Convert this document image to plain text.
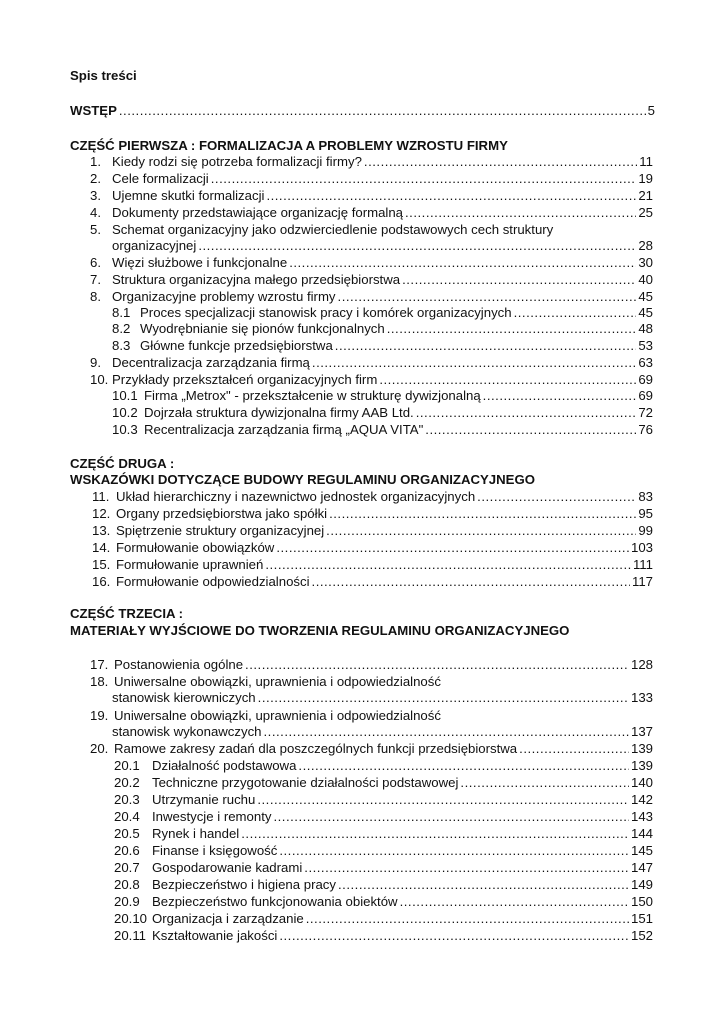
Spis treści
WSTĘP .....	5
CZĘŚĆ PIERWSZA : FORMALIZACJA A PROBLEMY WZROSTU FIRMY
1. Kiedy rodzi się potrzeba formalizacji firmy? .....	11
2. Cele formalizacji .....	19
3. Ujemne skutki formalizacji .....	21
4. Dokumenty przedstawiające organizację formalną .....	25
5. Schemat organizacyjny jako odzwierciedlenie podstawowych cech struktury
organizacyjnej .....	28
6. Więzi służbowe i funkcjonalne .....	30
7. Struktura organizacyjna małego przedsiębiorstwa .....	40
8. Organizacyjne problemy wzrostu firmy .....	45
8.1 Proces specjalizacji stanowisk pracy i komórek organizacyjnych .....	45
8.2 Wyodrębnianie się pionów funkcjonalnych .....	48
8.3 Główne funkcje przedsiębiorstwa .....	53
9. Decentralizacja zarządzania firmą .....	63
10. Przykłady przekształceń organizacyjnych firm .....	69
10.1 Firma „Metrox" - przekształcenie w strukturę dywizjonalną .....	69
10.2 Dojrzała struktura dywizjonalna firmy AAB Ltd. .....	72
10.3 Recentralizacja zarządzania firmą „AQUA VITA" .....	76
CZĘŚĆ DRUGA :
WSKAZÓWKI DOTYCZĄCE BUDOWY REGULAMINU ORGANIZACYJNEGO
11. Układ hierarchiczny i nazewnictwo jednostek organizacyjnych .....	83
12. Organy przedsiębiorstwa jako spółki .....	95
13. Spiętrzenie struktury organizacyjnej .....	99
14. Formułowanie obowiązków .....	103
15. Formułowanie uprawnień .....	111
16. Formułowanie odpowiedzialności .....	117
CZĘŚĆ TRZECIA :
MATERIAŁY WYJŚCIOWE DO TWORZENIA REGULAMINU ORGANIZACYJNEGO
17. Postanowienia ogólne .....	128
18. Uniwersalne obowiązki, uprawnienia i odpowiedzialność
stanowisk kierowniczych .....	133
19. Uniwersalne obowiązki, uprawnienia i odpowiedzialność
stanowisk wykonawczych .....	137
20. Ramowe zakresy zadań dla poszczególnych funkcji przedsiębiorstwa .....	139
20.1 Działalność podstawowa .....	139
20.2 Techniczne przygotowanie działalności podstawowej .....	140
20.3 Utrzymanie ruchu .....	142
20.4 Inwestycje i remonty .....	143
20.5 Rynek i handel .....	144
20.6 Finanse i księgowość .....	145
20.7 Gospodarowanie kadrami .....	147
20.8 Bezpieczeństwo i higiena pracy .....	149
20.9 Bezpieczeństwo funkcjonowania obiektów .....	150
20.10 Organizacja i zarządzanie .....	151
20.11 Kształtowanie jakości .....	152
